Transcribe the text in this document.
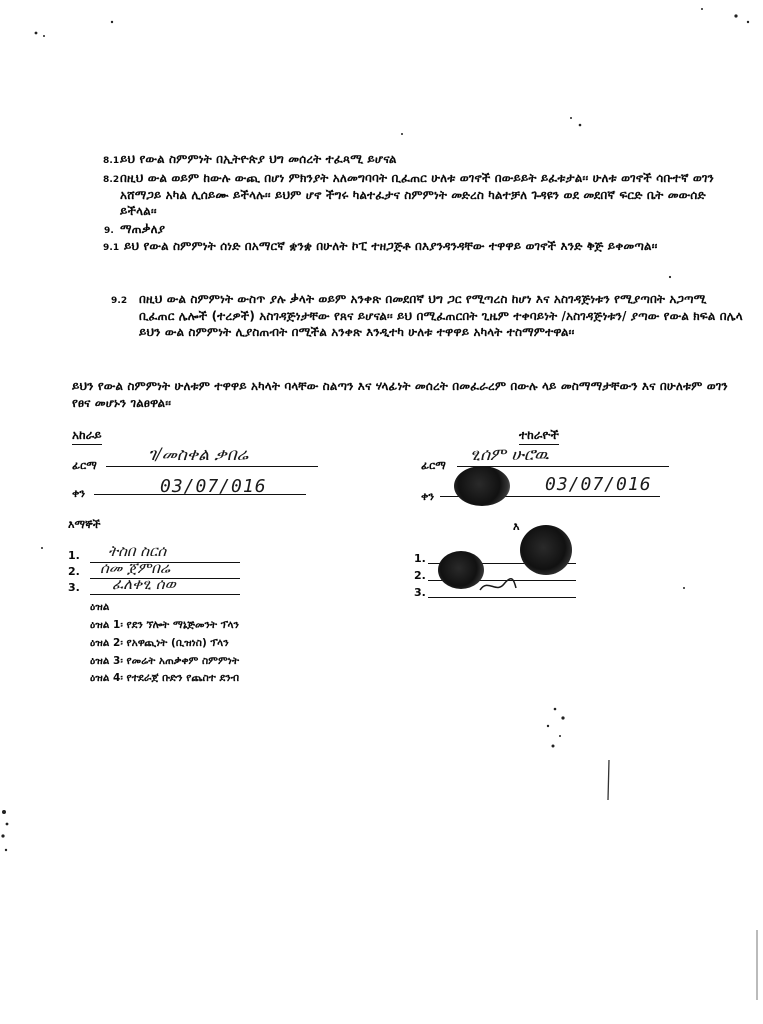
8.1 ይህ የውል ስምምነት በኢትዮጵያ ህግ መሰረት ተፈጻሚ ይሆናል
8.2 በዚህ ውል ወይም ከውሉ ውጪ በሆነ ምክንያት አለመግባባት ቢፈጠር ሁለቱ ወገኖች በውይይት ይፈቱታል፡፡ ሁለቱ ወገኖች ሳቡተኛ ወገን አሸማጋይ አካል ሊሰይሙ ይችላሉ፡፡ ይህም ሆኖ ችግሩ ካልተፈታና ስምምነት መድረስ ካልተቻለ ጉዳዩን ወደ መደበኛ ፍርድ ቤት መውሰድ ይችላል፡፡
9. ማጠቃለያ
9.1 ይህ የውል ስምምነት ሰነድ በአማርኛ ቋንቋ በሁለት ኮፒ ተዘጋጅቶ በእያንዳንዳቸው ተዋዋይ ወገኖች እንድ ቅጅ ይቀመጣል፡፡
9.2 በዚህ ውል ስምምነት ውስጥ ያሉ ቃላት ወይም አንቀጽ በመደበኛ ህግ ጋር የሚጣረስ ከሆነ እና አስገዳጅነቱን የሚያጣበት አጋጣሚ ቢፈጠር ሌሎች (ተረዎች) አስገዳጅነታቸው የጸና ይሆናል፡፡ ይህ በሚፈጠርበት ጊዜም ተቀባይነት /አስገዳጅነቱን/ ያጣው የውል ክፍል በሌላ ይህን ውል ስምምነት ሊያስጠብት በሚችል አንቀጽ እንዲተካ ሁለቱ ተዋዋይ አካላት ተስማምተዋል፡፡
ይህን የውል ስምምነት ሁለቱም ተዋዋይ አካላት ባላቸው ስልጣን እና ሃላፊነት መሰረት በመፈራረም በውሉ ላይ መስማማታቸውን እና በሁለቱም ወገን የፀና መሆኑን ገልፀዋል፡፡
አከራይ
ፊርማ
ገ/መስቀል ቃበሬ
ቀን	03/07/016
ተከራዮች
ፊርማ
ፂሰም ሁሮዉ
ቀን
03/07/016
እማኞች
1.
2.
3.
ትስበ ስርሰ
ሰመ ጀምበሬ
ፈለቀፂ ሰወ
እ
1.
2.
3.
ዕዝል
ዕዝል 1፡ የደን ኘሎት ማኔጅመንት ፕላን
ዕዝል 2፡ የአዋጪነት (ቢዝነስ) ፕላን
ዕዝል 3፡ የመሬት አጠቃቀም ስምምነት
ዕዝል 4፡ የተደራጀ ቡድን የጨስተ ደንብ
